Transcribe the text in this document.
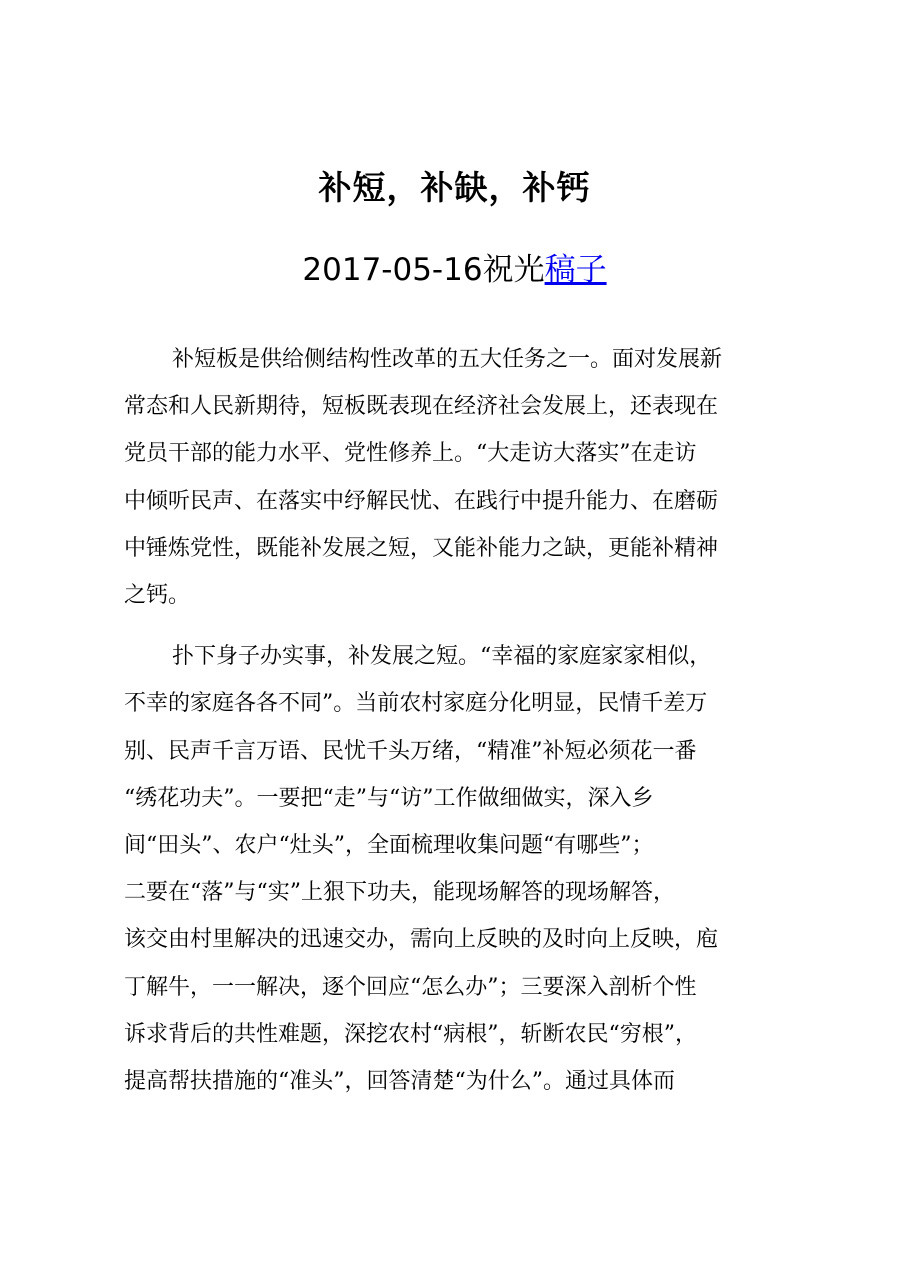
补短，补缺，补钙
2017-05-16祝光稿子

补短板是供给侧结构性改革的五大任务之一。面对发展新
常态和人民新期待，短板既表现在经济社会发展上，还表现在
党员干部的能力水平、党性修养上。“大走访大落实”在走访
中倾听民声、在落实中纾解民忧、在践行中提升能力、在磨砺
中锤炼党性，既能补发展之短，又能补能力之缺，更能补精神
之钙。

扑下身子办实事，补发展之短。“幸福的家庭家家相似，
不幸的家庭各各不同”。当前农村家庭分化明显，民情千差万
别、民声千言万语、民忧千头万绪，“精准”补短必须花一番
“绣花功夫”。一要把“走”与“访”工作做细做实，深入乡
间“田头”、农户“灶头”，全面梳理收集问题“有哪些”；
二要在“落”与“实”上狠下功夫，能现场解答的现场解答，
该交由村里解决的迅速交办，需向上反映的及时向上反映，庖
丁解牛，一一解决，逐个回应“怎么办”；三要深入剖析个性
诉求背后的共性难题，深挖农村“病根”，斩断农民“穷根”，
提高帮扶措施的“准头”，回答清楚“为什么”。通过具体而
